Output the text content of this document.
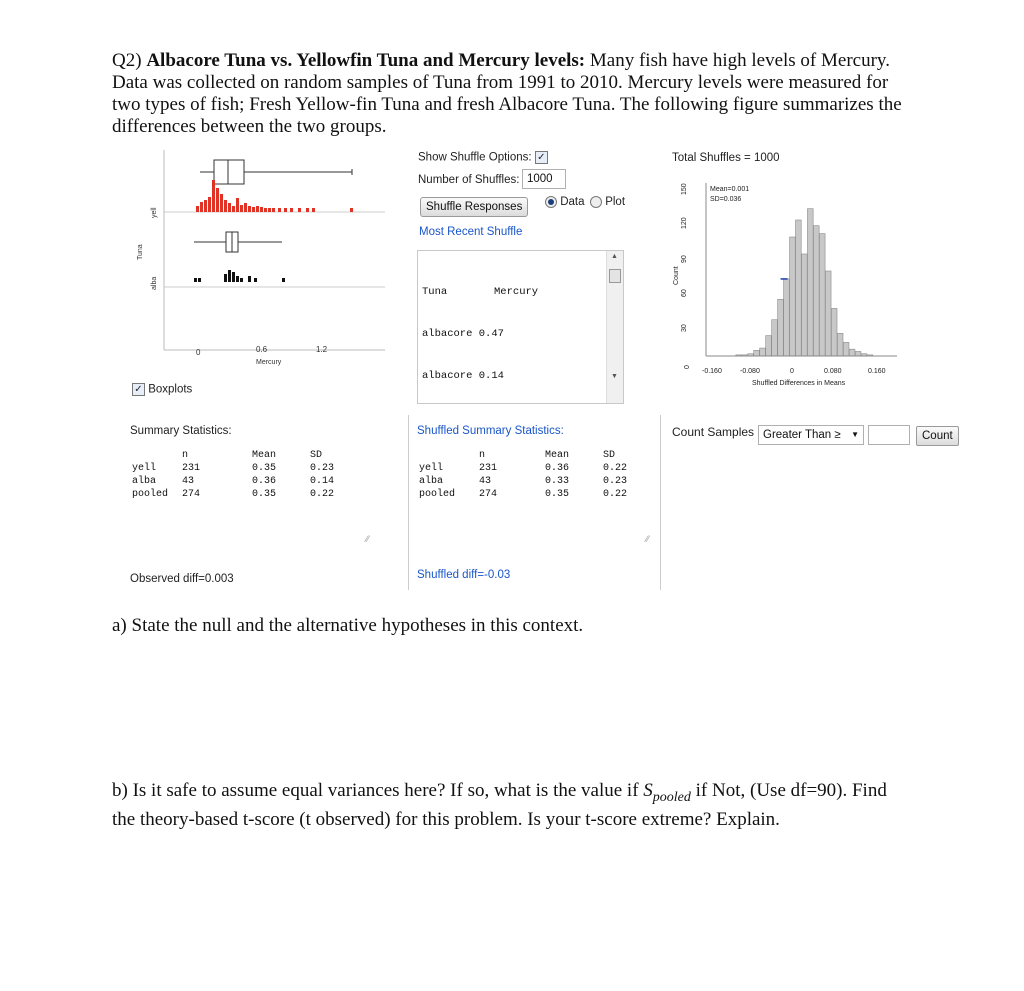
Q2) Albacore Tuna vs. Yellowfin Tuna and Mercury levels: Many fish have high levels of Mercury. Data was collected on random samples of Tuna from 1991 to 2010. Mercury levels were measured for two types of fish; Fresh Yellow-fin Tuna and fresh Albacore Tuna. The following figure summarizes the differences between the two groups.
0	0.6	1.2
Mercury
Tuna
yell
alba
✓ Boxplots
Summary Statistics:
	n	Mean	SD
yell	231	0.35	0.23
alba	43	0.36	0.14
pooled	274	0.35	0.22
⁄⁄
Observed diff=0.003
Show Shuffle Options: ✓
Number of Shuffles: 1000
Shuffle Responses	Data	Plot
Most Recent Shuffle

Tuna	Mercury

albacore 0.47

albacore 0.14

▲
▼
Shuffled Summary Statistics:
	n	Mean	SD
yell	231	0.36	0.22
alba	43	0.33	0.23
pooled	274	0.35	0.22
⁄⁄
Shuffled diff=-0.03
Total Shuffles = 1000
Mean=0.001
SD=0.036
0
30
60
90
120
150
Count
-0.160	-0.080	0	0.080	0.160
Shuffled Differences in Means
Count Samples Greater Than ≥ ▼	Count
a) State the null and the alternative hypotheses in this context.
b) Is it safe to assume equal variances here? If so, what is the value if $S_{pooled}$ if Not, (Use df=90). Find the theory-based t-score (t observed) for this problem. Is your t-score extreme? Explain.
